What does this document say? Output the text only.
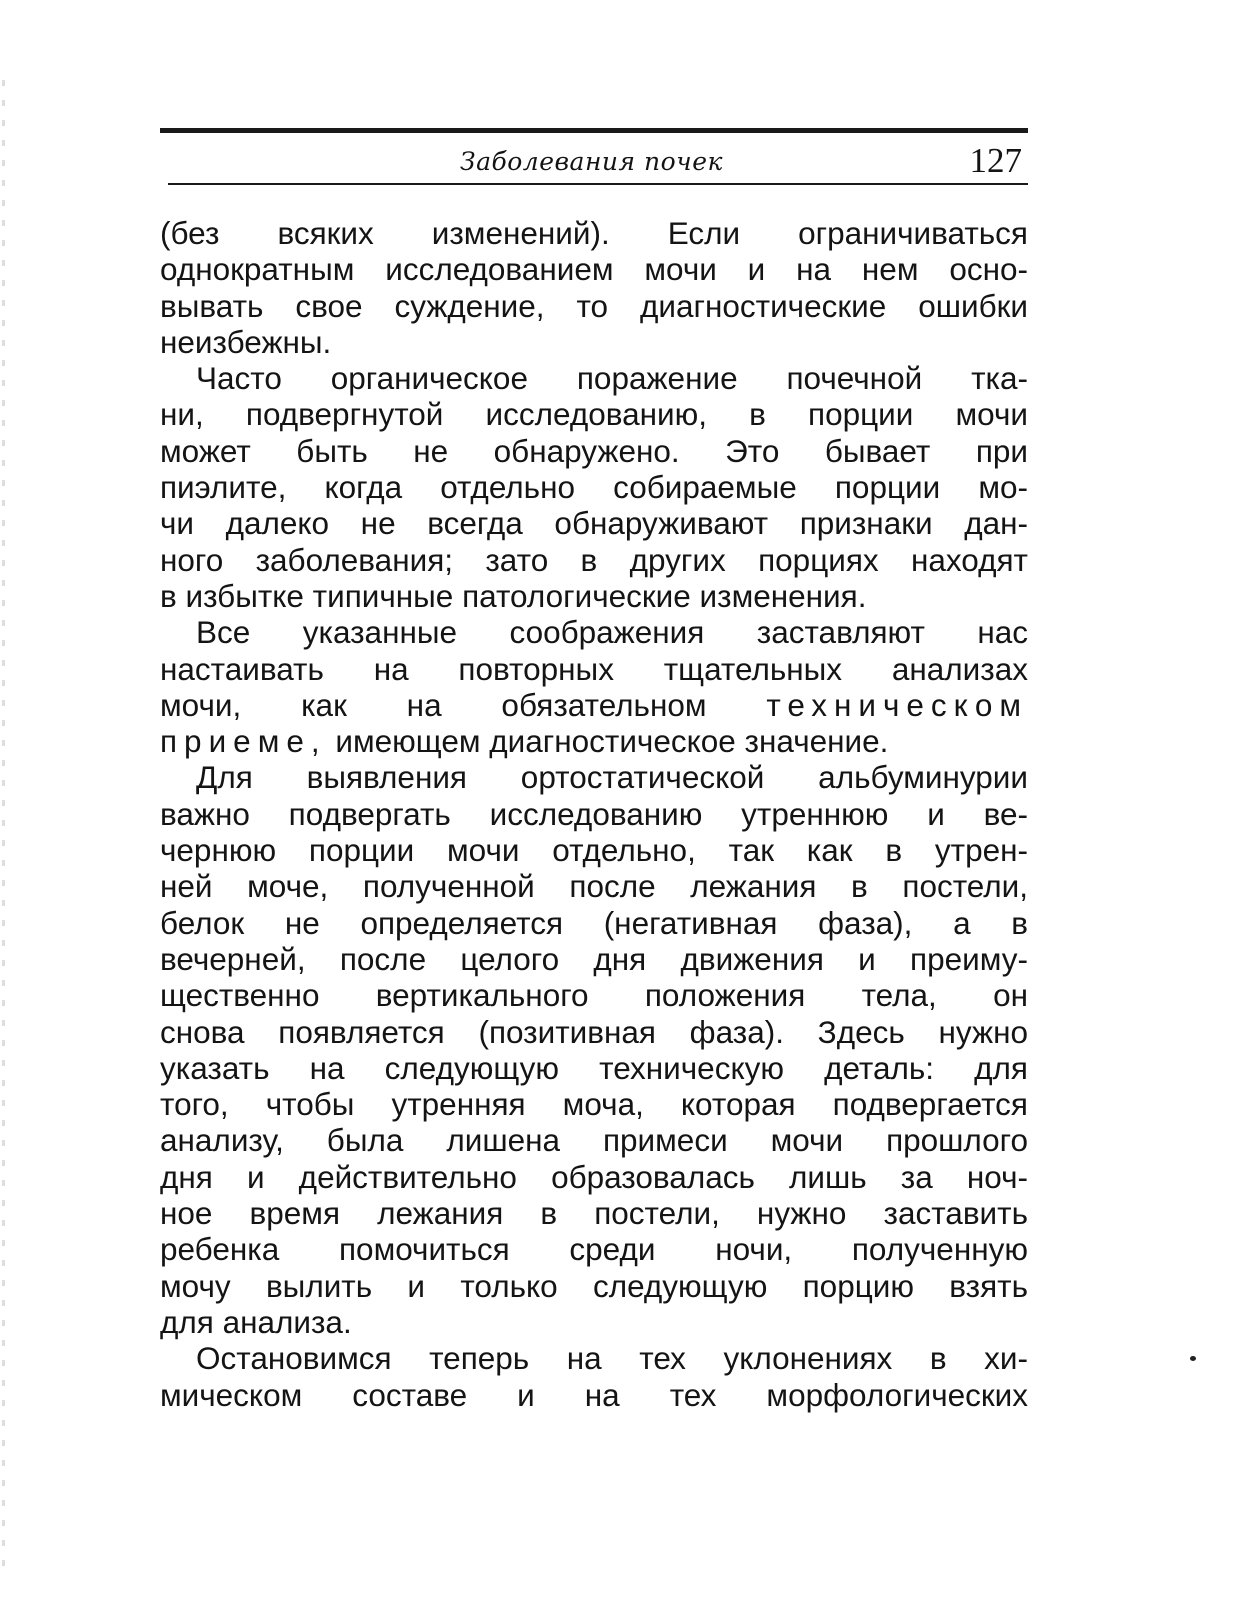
Заболевания почек	127
(без всяких изменений). Если ограничиваться
однократным исследованием мочи и на нем осно-
вывать свое суждение, то диагностические ошибки
неизбежны.
Часто органическое поражение почечной тка-
ни, подвергнутой исследованию, в порции мочи
может быть не обнаружено. Это бывает при
пиэлите, когда отдельно собираемые порции мо-
чи далеко не всегда обнаруживают признаки дан-
ного заболевания; зато в других порциях находят
в избытке типичные патологические изменения.
Все указанные соображения заставляют нас
настаивать на повторных тщательных анализах
мочи, как на обязательном техническом
приеме, имеющем диагностическое значение.
Для выявления ортостатической альбуминурии
важно подвергать исследованию утреннюю и ве-
чернюю порции мочи отдельно, так как в утрен-
ней моче, полученной после лежания в постели,
белок не определяется (негативная фаза), а в
вечерней, после целого дня движения и преиму-
щественно вертикального положения тела, он
снова появляется (позитивная фаза). Здесь нужно
указать на следующую техническую деталь: для
того, чтобы утренняя моча, которая подвергается
анализу, была лишена примеси мочи прошлого
дня и действительно образовалась лишь за ноч-
ное время лежания в постели, нужно заставить
ребенка помочиться среди ночи, полученную
мочу вылить и только следующую порцию взять
для анализа.
Остановимся теперь на тех уклонениях в хи-
мическом составе и на тех морфологических
